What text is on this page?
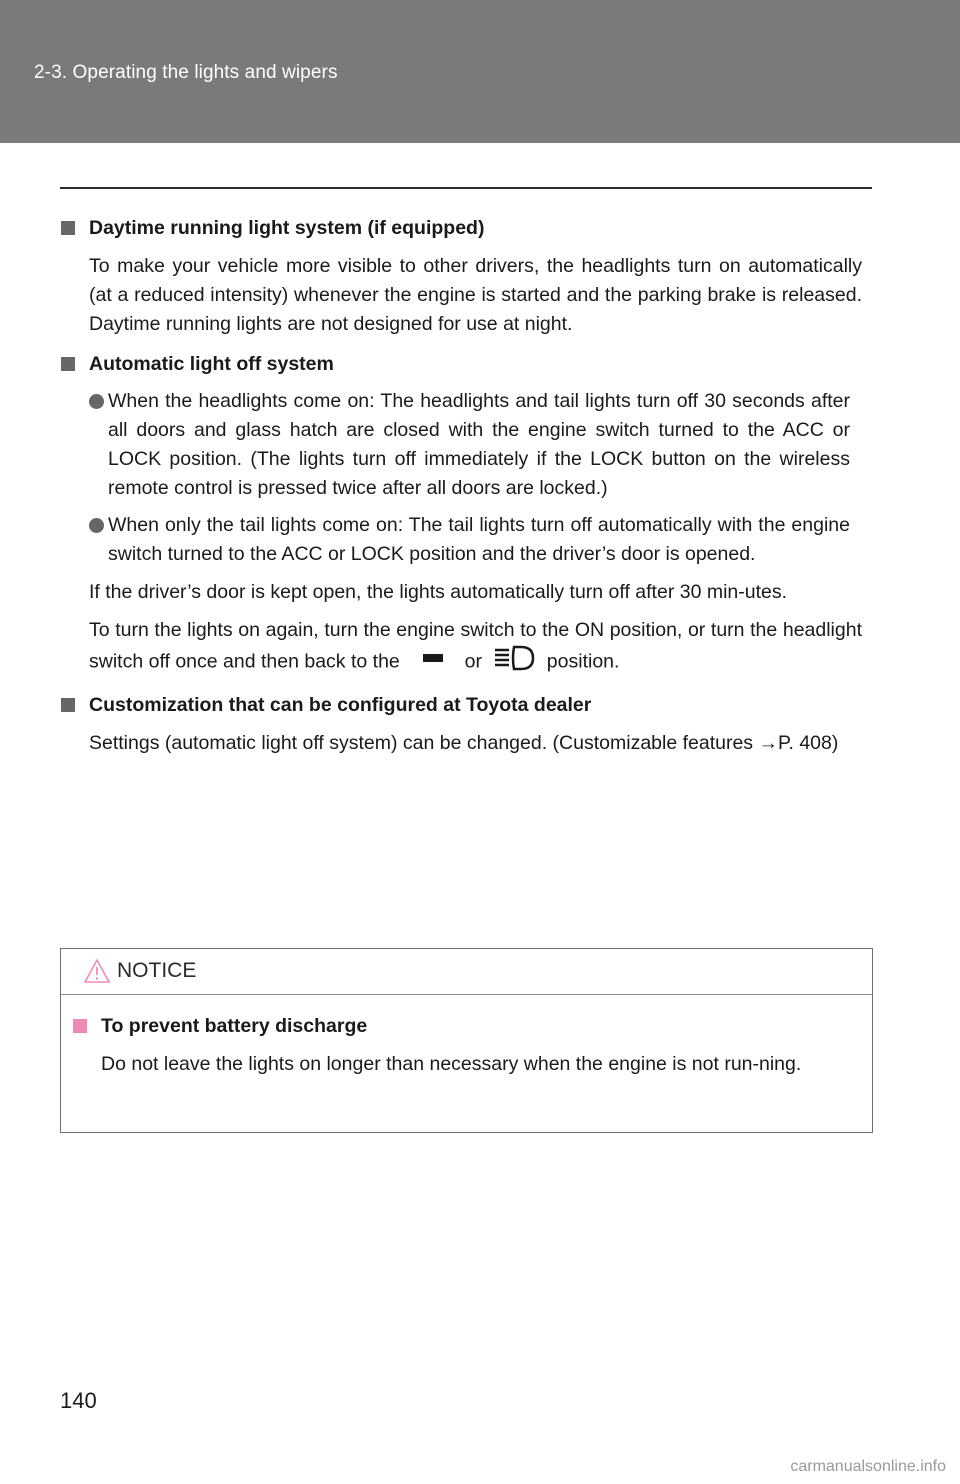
2-3. Operating the lights and wipers
Daytime running light system (if equipped)

To make your vehicle more visible to other drivers, the headlights turn on automatically (at a reduced intensity) whenever the engine is started and the parking brake is released. Daytime running lights are not designed for use at night.

Automatic light off system
When the headlights come on: The headlights and tail lights turn off 30 seconds after all doors and glass hatch are closed with the engine switch turned to the ACC or LOCK position. (The lights turn off immediately if the LOCK button on the wireless remote control is pressed twice after all doors are locked.)
When only the tail lights come on: The tail lights turn off automatically with the engine switch turned to the ACC or LOCK position and the driver’s door is opened.

If the driver’s door is kept open, the lights automatically turn off after 30 min-utes.

To turn the lights on again, turn the engine switch to the ON position, or turn the headlight switch off once and then back to the	or	position.

Customization that can be configured at Toyota dealer

Settings (automatic light off system) can be changed. (Customizable features →P. 408)

NOTICE
To prevent battery discharge

Do not leave the lights on longer than necessary when the engine is not run-ning.

140
carmanualsonline.info
